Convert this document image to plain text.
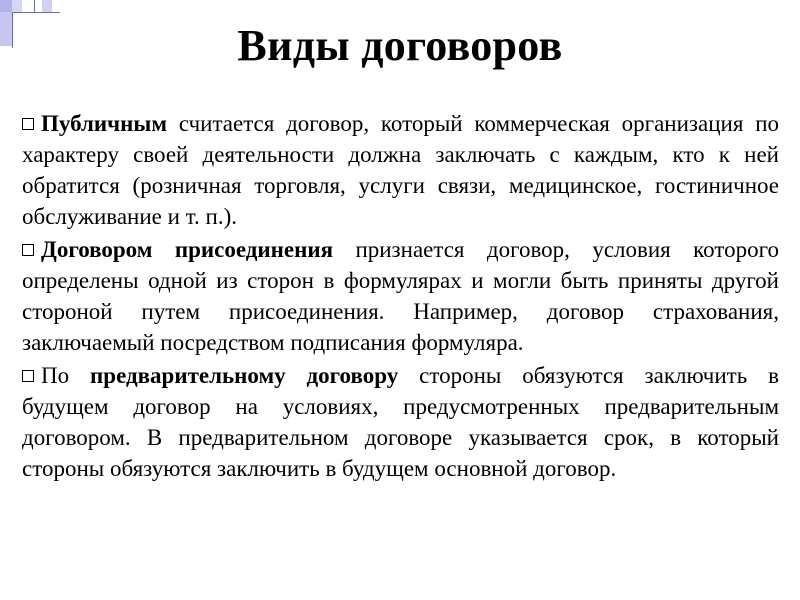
Виды договоров

Публичным считается договор, который коммерческая организация по характеру своей деятельности должна заключать с каждым, кто к ней обратится (розничная торговля, услуги связи, медицинское, гостиничное обслуживание и т. п.).

Договором присоединения признается договор, условия которого определены одной из сторон в формулярах и могли быть приняты другой стороной путем присоединения. Например, договор страхования, заключаемый посредством подписания формуляра.

По предварительному договору стороны обязуются заключить в будущем договор на условиях, предусмотренных предварительным договором. В предварительном договоре указывается срок, в который стороны обязуются заключить в будущем основной договор.
